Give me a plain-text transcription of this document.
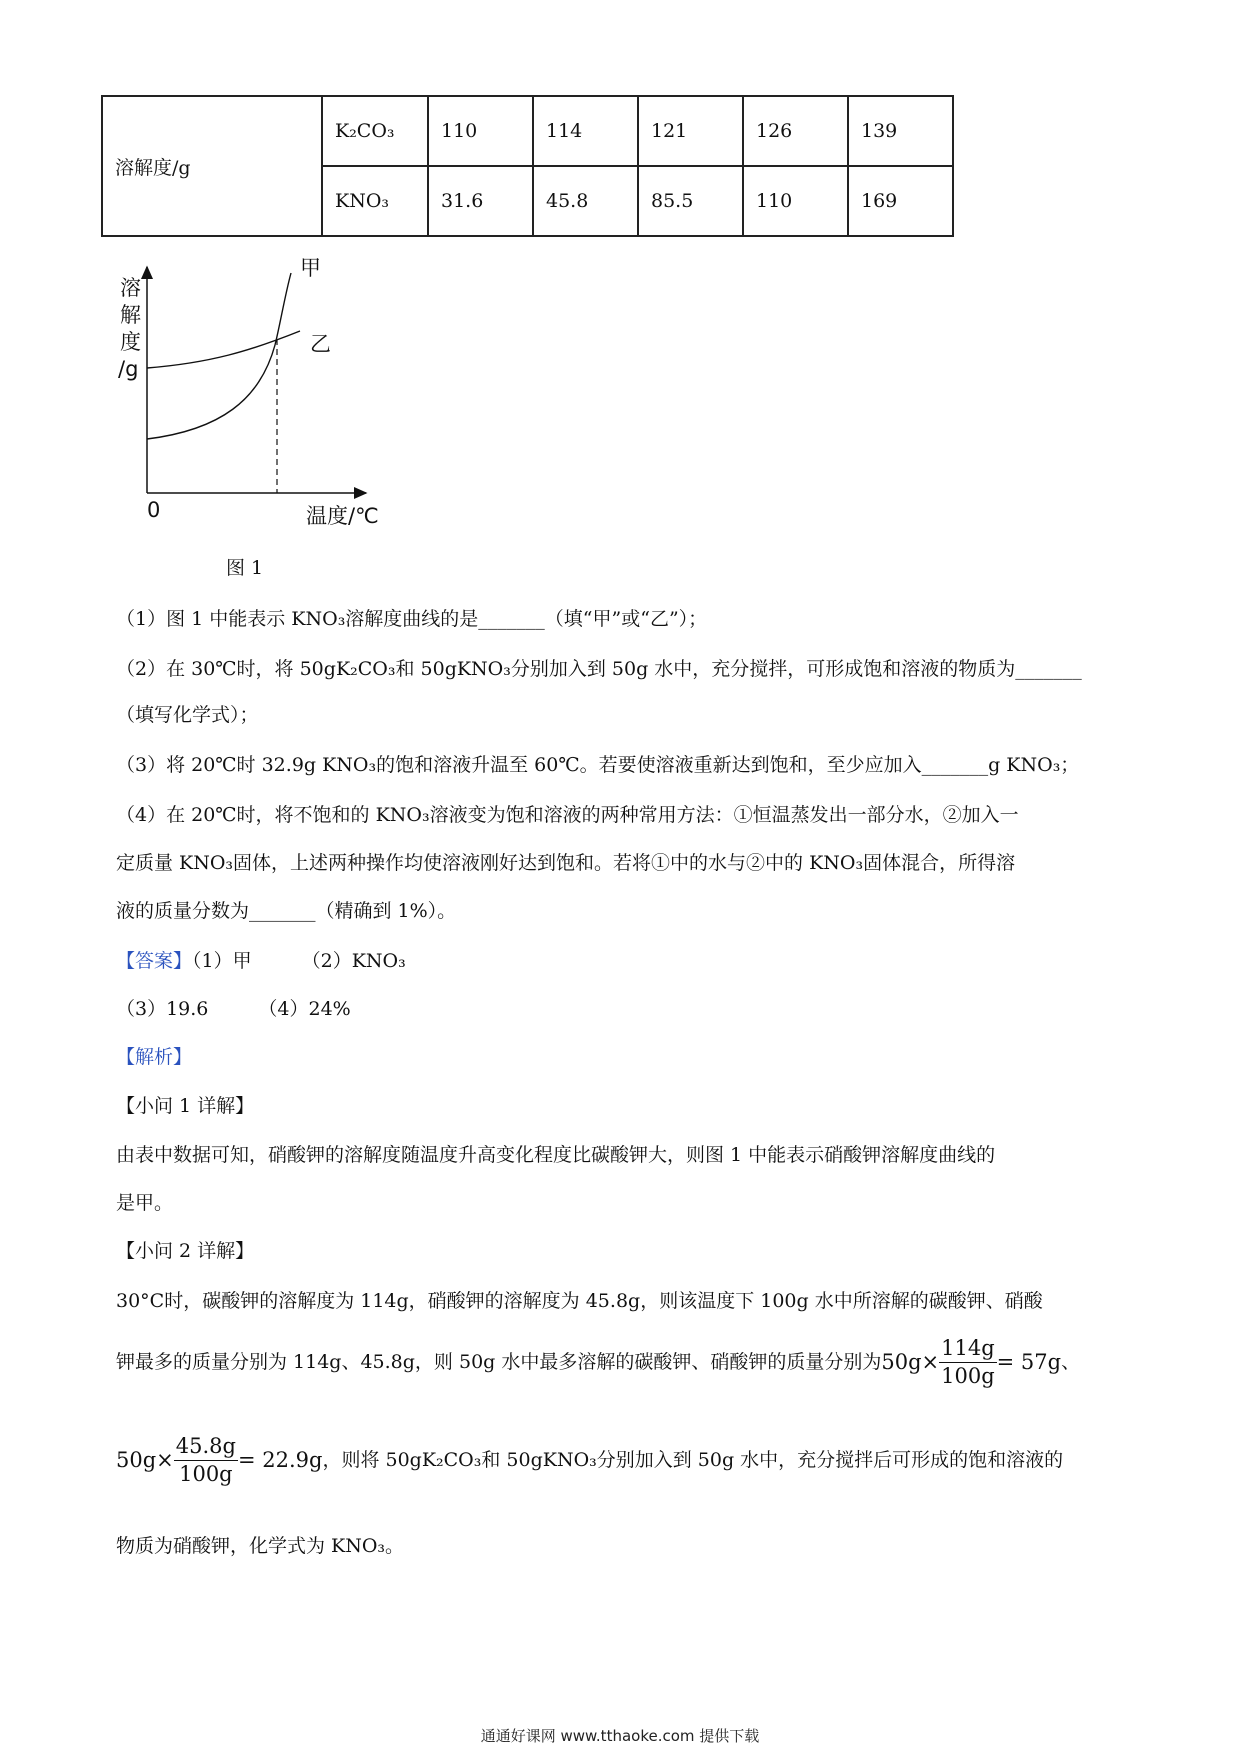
溶解度/g	K₂CO₃	110	114	121	126	139
	KNO₃	31.6	45.8	85.5	110	169
溶
解
度
/g
0	温度/℃
甲
乙
图 1
（1）图 1 中能表示 KNO₃溶解度曲线的是_______（填“甲”或“乙”）；
（2）在 30℃时，将 50gK₂CO₃和 50gKNO₃分别加入到 50g 水中，充分搅拌，可形成饱和溶液的物质为_______
（填写化学式）；
（3）将 20℃时 32.9g KNO₃的饱和溶液升温至 60℃。若要使溶液重新达到饱和，至少应加入_______g KNO₃；
（4）在 20℃时，将不饱和的 KNO₃溶液变为饱和溶液的两种常用方法：①恒温蒸发出一部分水，②加入一
定质量 KNO₃固体，上述两种操作均使溶液刚好达到饱和。若将①中的水与②中的 KNO₃固体混合，所得溶
液的质量分数为_______（精确到 1%）。
【答案】（1）甲	（2）KNO₃
（3）19.6	（4）24%
【解析】
【小问 1 详解】
由表中数据可知，硝酸钾的溶解度随温度升高变化程度比碳酸钾大，则图 1 中能表示硝酸钾溶解度曲线的
是甲。
【小问 2 详解】
30°C时，碳酸钾的溶解度为 114g，硝酸钾的溶解度为 45.8g，则该温度下 100g 水中所溶解的碳酸钾、硝酸
钾最多的质量分别为 114g、45.8g，则 50g 水中最多溶解的碳酸钾、硝酸钾的质量分别为$50g\times \frac{114g}{100g} = 57g$、
$50g\times \frac{45.8g}{100g} = 22.9g$，则将 50gK₂CO₃和 50gKNO₃分别加入到 50g 水中，充分搅拌后可形成的饱和溶液的
物质为硝酸钾，化学式为 KNO₃。
通通好课网 www.tthaoke.com 提供下载
